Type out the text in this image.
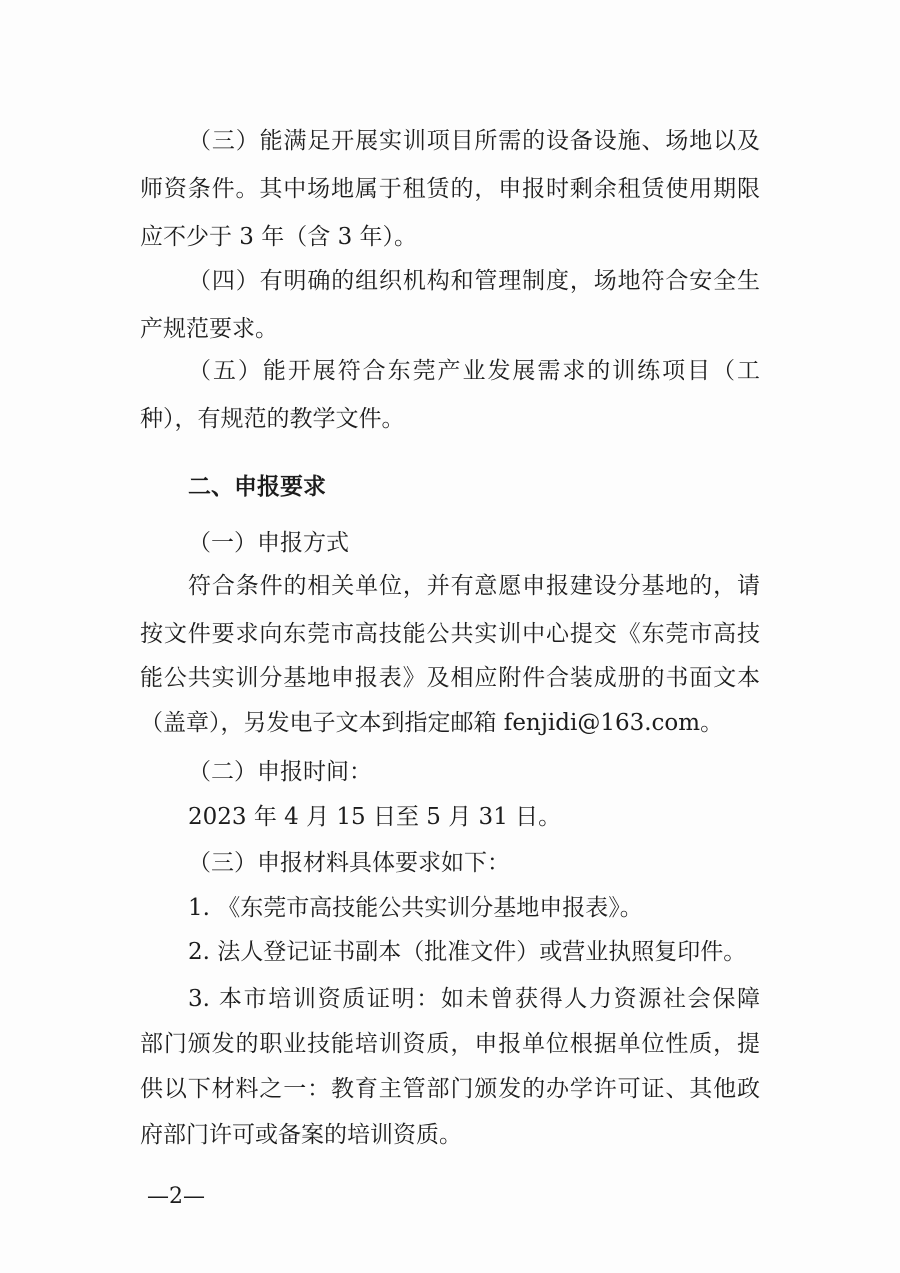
（三）能满足开展实训项目所需的设备设施、场地以及
师资条件。其中场地属于租赁的，申报时剩余租赁使用期限
应不少于 3 年（含 3 年）。
（四）有明确的组织机构和管理制度，场地符合安全生
产规范要求。
（五）能开展符合东莞产业发展需求的训练项目（工
种），有规范的教学文件。
二、申报要求
（一）申报方式
符合条件的相关单位，并有意愿申报建设分基地的，请
按文件要求向东莞市高技能公共实训中心提交《东莞市高技
能公共实训分基地申报表》及相应附件合装成册的书面文本
（盖章），另发电子文本到指定邮箱 fenjidi@163.com。
（二）申报时间：
2023 年 4 月 15 日至 5 月 31 日。
（三）申报材料具体要求如下：
1. 《东莞市高技能公共实训分基地申报表》。
2. 法人登记证书副本（批准文件）或营业执照复印件。
3. 本市培训资质证明：如未曾获得人力资源社会保障
部门颁发的职业技能培训资质，申报单位根据单位性质，提
供以下材料之一：教育主管部门颁发的办学许可证、其他政
府部门许可或备案的培训资质。
—2—
